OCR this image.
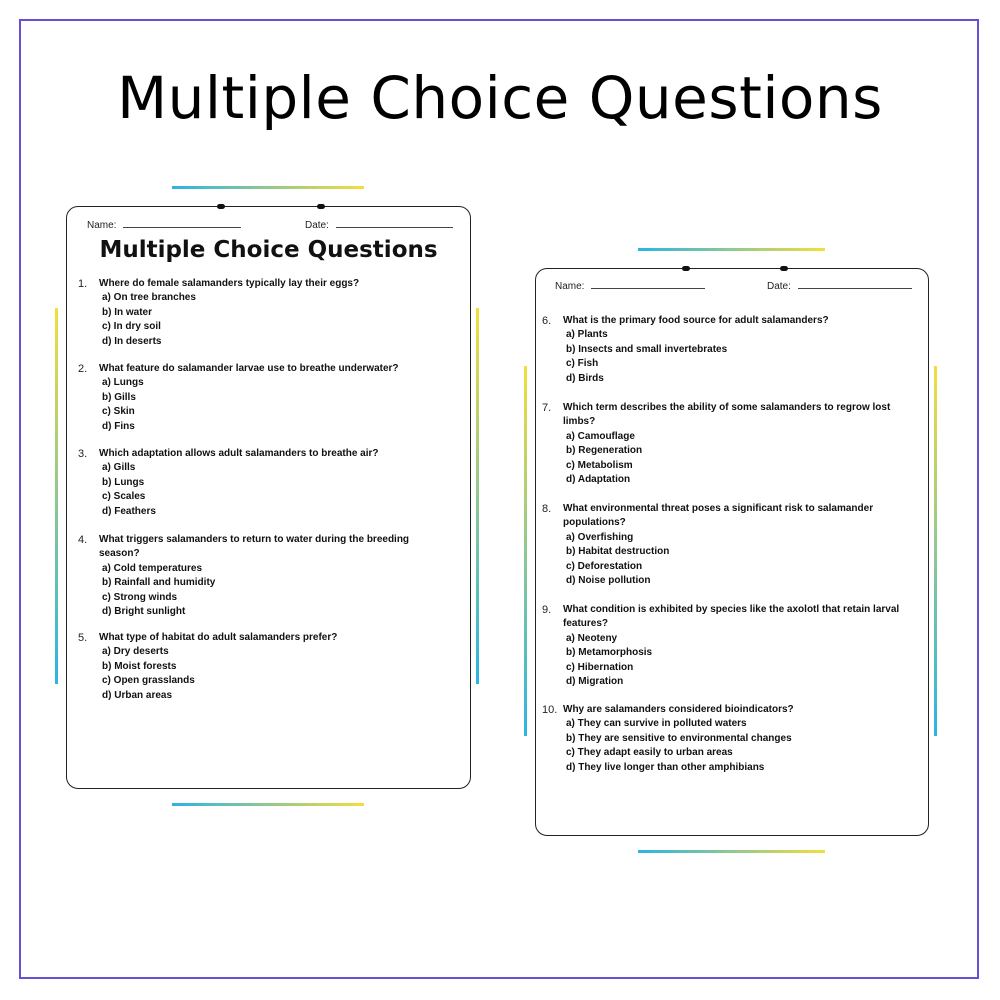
Multiple Choice Questions
Name:	Date:
Multiple Choice Questions
1. Where do female salamanders typically lay their eggs?
a) On tree branches
b) In water
c) In dry soil
d) In deserts
2. What feature do salamander larvae use to breathe underwater?
a) Lungs
b) Gills
c) Skin
d) Fins
3. Which adaptation allows adult salamanders to breathe air?
a) Gills
b) Lungs
c) Scales
d) Feathers
4. What triggers salamanders to return to water during the breeding season?
a) Cold temperatures
b) Rainfall and humidity
c) Strong winds
d) Bright sunlight
5. What type of habitat do adult salamanders prefer?
a) Dry deserts
b) Moist forests
c) Open grasslands
d) Urban areas
Name:	Date:
6. What is the primary food source for adult salamanders?
a) Plants
b) Insects and small invertebrates
c) Fish
d) Birds
7. Which term describes the ability of some salamanders to regrow lost limbs?
a) Camouflage
b) Regeneration
c) Metabolism
d) Adaptation
8. What environmental threat poses a significant risk to salamander populations?
a) Overfishing
b) Habitat destruction
c) Deforestation
d) Noise pollution
9. What condition is exhibited by species like the axolotl that retain larval features?
a) Neoteny
b) Metamorphosis
c) Hibernation
d) Migration
10. Why are salamanders considered bioindicators?
a) They can survive in polluted waters
b) They are sensitive to environmental changes
c) They adapt easily to urban areas
d) They live longer than other amphibians
